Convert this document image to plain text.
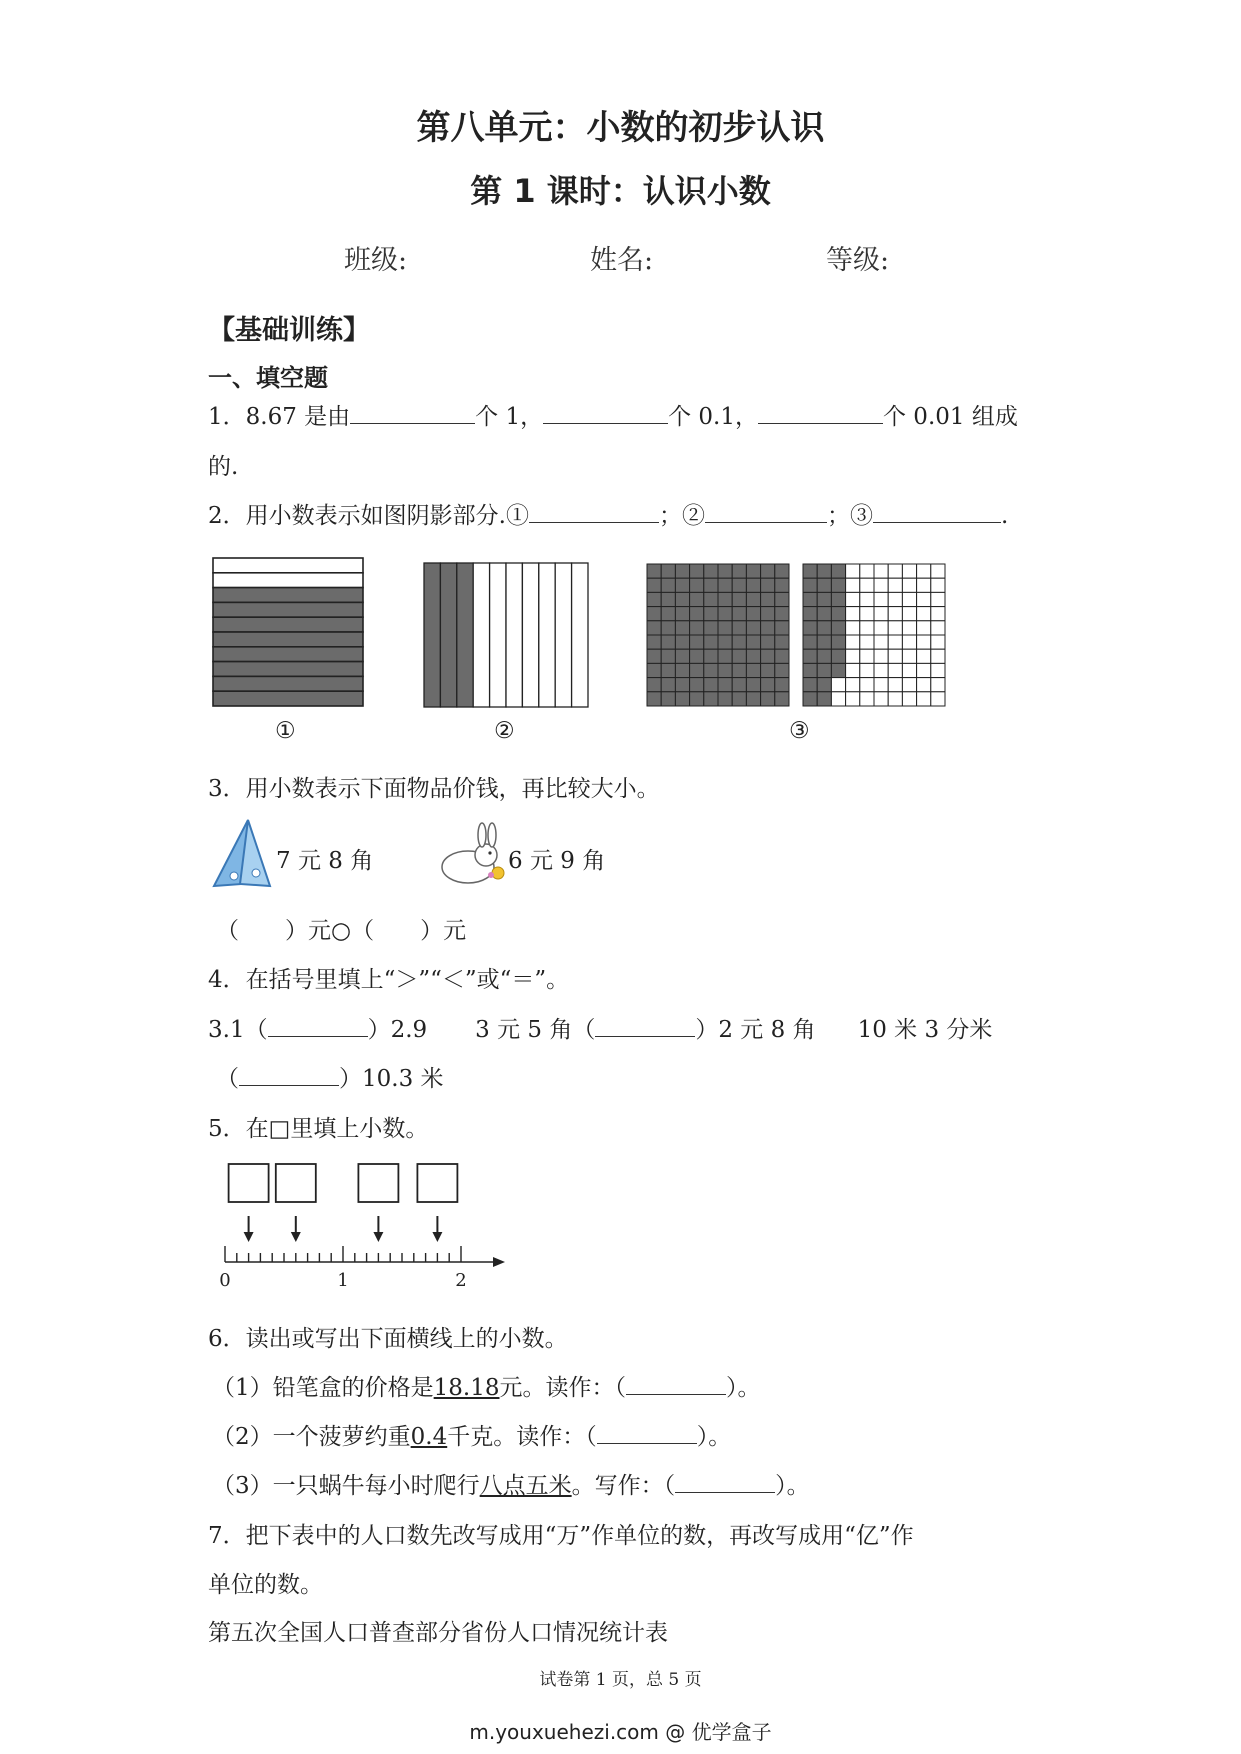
第八单元：小数的初步认识
第 1 课时：认识小数
班级:	姓名:	等级:
【基础训练】
一、填空题
1．8.67 是由	个 1，	个 0.1，	个 0.01 组成
的.
2．用小数表示如图阴影部分.①	；②	；③	.
①	②	③
3．用小数表示下面物品价钱，再比较大小。
7 元 8 角	6 元 9 角
（　　）元○（　　）元
4．在括号里填上“＞”“＜”或“＝”。
3.1（	）2.9 3 元 5 角（	）2 元 8 角 10 米 3 分米
（	）10.3 米
5．在□里填上小数。
0	1	2
6．读出或写出下面横线上的小数。
（1）铅笔盒的价格是18.18元。读作：（	）。
（2）一个菠萝约重0.4千克。读作：（	）。
（3）一只蜗牛每小时爬行八点五米。写作：（	）。
7．把下表中的人口数先改写成用“万”作单位的数，再改写成用“亿”作
单位的数。
第五次全国人口普查部分省份人口情况统计表
试卷第 1 页，总 5 页
m.youxuehezi.com @ 优学盒子
